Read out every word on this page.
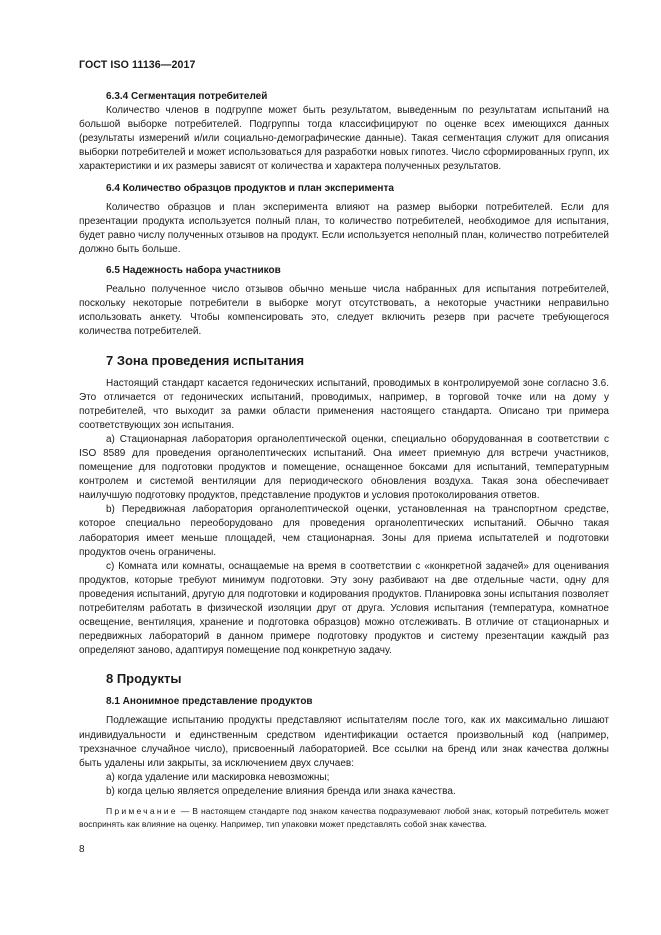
ГОСТ ISO 11136—2017
6.3.4 Сегментация потребителей

Количество членов в подгруппе может быть результатом, выведенным по результатам испытаний на большой выборке потребителей. Подгруппы тогда классифицируют по оценке всех имеющихся данных (результаты измерений и/или социально-демографические данные). Такая сегментация служит для описания выборки потребителей и может использоваться для разработки новых гипотез. Число сформированных групп, их характеристики и их размеры зависят от количества и характера полученных результатов.

6.4 Количество образцов продуктов и план эксперимента

Количество образцов и план эксперимента влияют на размер выборки потребителей. Если для презентации продукта используется полный план, то количество потребителей, необходимое для испытания, будет равно числу полученных отзывов на продукт. Если используется неполный план, количество потребителей должно быть больше.

6.5 Надежность набора участников

Реально полученное число отзывов обычно меньше числа набранных для испытания потребителей, поскольку некоторые потребители в выборке могут отсутствовать, а некоторые участники неправильно использовать анкету. Чтобы компенсировать это, следует включить резерв при расчете требующегося количества потребителей.

7 Зона проведения испытания

Настоящий стандарт касается гедонических испытаний, проводимых в контролируемой зоне согласно 3.6. Это отличается от гедонических испытаний, проводимых, например, в торговой точке или на дому у потребителей, что выходит за рамки области применения настоящего стандарта. Описано три примера соответствующих зон испытания.

а) Стационарная лаборатория органолептической оценки, специально оборудованная в соответствии с ISO 8589 для проведения органолептических испытаний. Она имеет приемную для встречи участников, помещение для подготовки продуктов и помещение, оснащенное боксами для испытаний, температурным контролем и системой вентиляции для периодического обновления воздуха. Такая зона обеспечивает наилучшую подготовку продуктов, представление продуктов и условия протоколирования ответов.

b) Передвижная лаборатория органолептической оценки, установленная на транспортном средстве, которое специально переоборудовано для проведения органолептических испытаний. Обычно такая лаборатория имеет меньше площадей, чем стационарная. Зоны для приема испытателей и подготовки продуктов очень ограничены.

с) Комната или комнаты, оснащаемые на время в соответствии с «конкретной задачей» для оценивания продуктов, которые требуют минимум подготовки. Эту зону разбивают на две отдельные части, одну для проведения испытаний, другую для подготовки и кодирования продуктов. Планировка зоны испытания позволяет потребителям работать в физической изоляции друг от друга. Условия испытания (температура, комнатное освещение, вентиляция, хранение и подготовка образцов) можно отслеживать. В отличие от стационарных и передвижных лабораторий в данном примере подготовку продуктов и систему презентации каждый раз определяют заново, адаптируя помещение под конкретную задачу.

8 Продукты
8.1 Анонимное представление продуктов

Подлежащие испытанию продукты представляют испытателям после того, как их максимально лишают индивидуальности и единственным средством идентификации остается произвольный код (например, трехзначное случайное число), присвоенный лабораторией. Все ссылки на бренд или знак качества должны быть удалены или закрыты, за исключением двух случаев:

а) когда удаление или маскировка невозможны;

b) когда целью является определение влияния бренда или знака качества.

Примечание — В настоящем стандарте под знаком качества подразумевают любой знак, который потребитель может воспринять как влияние на оценку. Например, тип упаковки может представлять собой знак качества.
8
